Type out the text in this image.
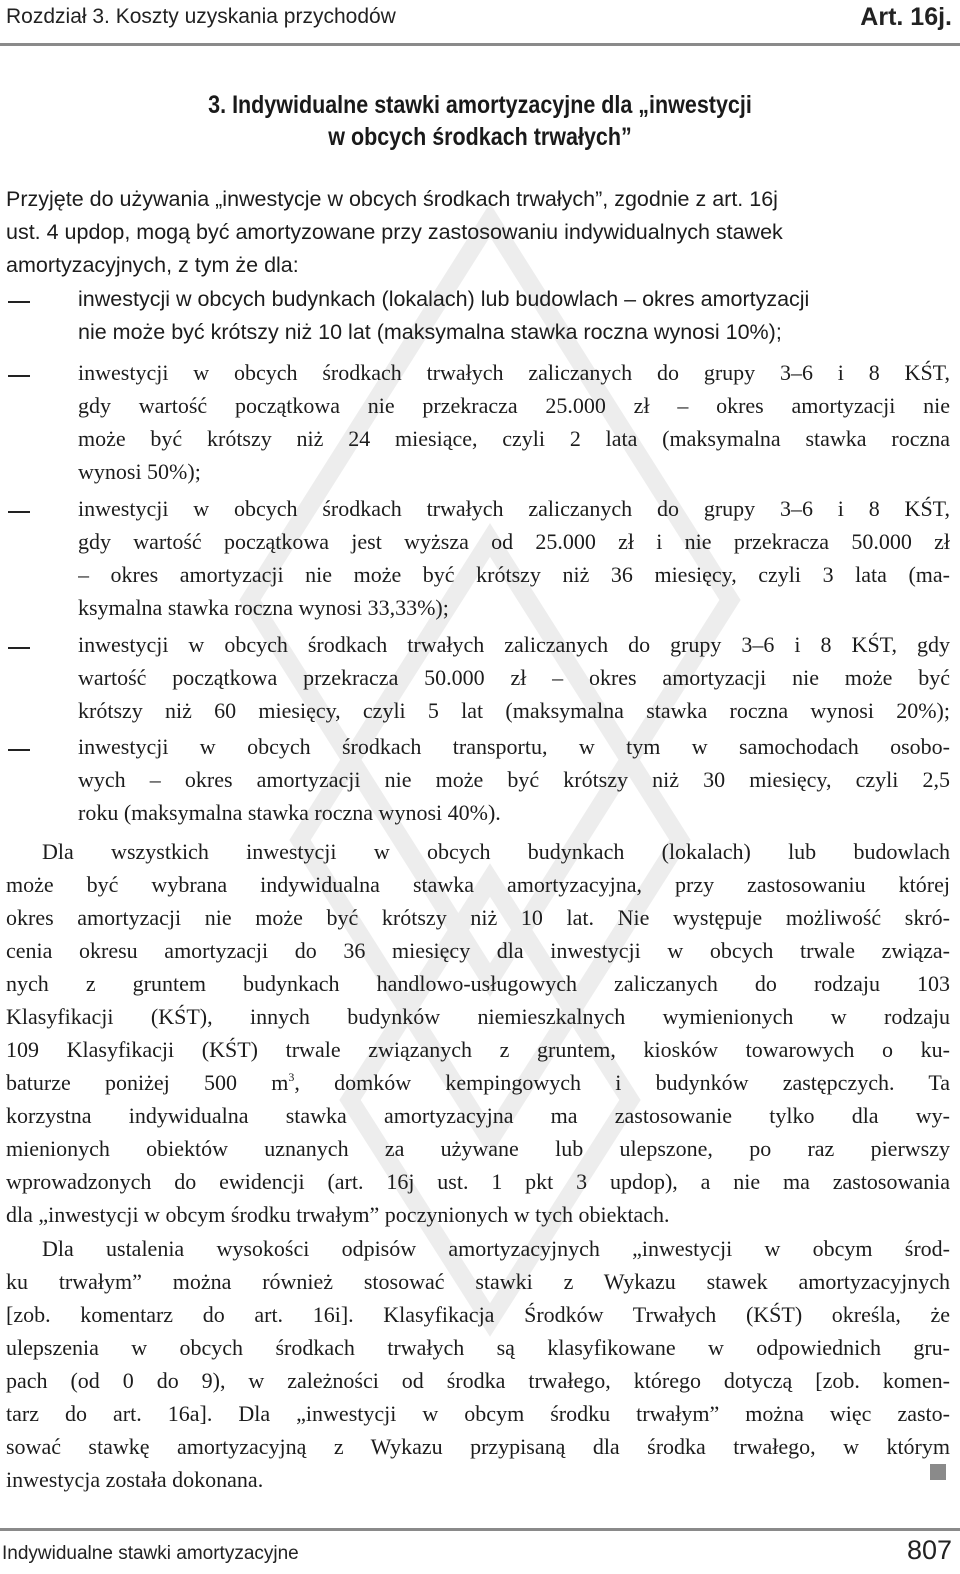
Rozdział 3. Koszty uzyskania przychodów	Art. 16j.
3. Indywidualne stawki amortyzacyjne dla „inwestycji
w obcych środkach trwałych”
Przyjęte do używania „inwestycje w obcych środkach trwałych”, zgodnie z art. 16j
ust. 4 updop, mogą być amortyzowane przy zastosowaniu indywidualnych stawek
amortyzacyjnych, z tym że dla:
inwestycji w obcych budynkach (lokalach) lub budowlach – okres amortyzacji
nie może być krótszy niż 10 lat (maksymalna stawka roczna wynosi 10%);
inwestycji w obcych środkach trwałych zaliczanych do grupy 3–6 i 8 KŚT,
gdy wartość początkowa nie przekracza 25.000 zł – okres amortyzacji nie
może być krótszy niż 24 miesiące, czyli 2 lata (maksymalna stawka roczna
wynosi 50%);
inwestycji w obcych środkach trwałych zaliczanych do grupy 3–6 i 8 KŚT,
gdy wartość początkowa jest wyższa od 25.000 zł i nie przekracza 50.000 zł
– okres amortyzacji nie może być krótszy niż 36 miesięcy, czyli 3 lata (ma-
ksymalna stawka roczna wynosi 33,33%);
inwestycji w obcych środkach trwałych zaliczanych do grupy 3–6 i 8 KŚT, gdy
wartość początkowa przekracza 50.000 zł – okres amortyzacji nie może być
krótszy niż 60 miesięcy, czyli 5 lat (maksymalna stawka roczna wynosi 20%);
inwestycji w obcych środkach transportu, w tym w samochodach osobo-
wych – okres amortyzacji nie może być krótszy niż 30 miesięcy, czyli 2,5
roku (maksymalna stawka roczna wynosi 40%).
Dla wszystkich inwestycji w obcych budynkach (lokalach) lub budowlach
może być wybrana indywidualna stawka amortyzacyjna, przy zastosowaniu której
okres amortyzacji nie może być krótszy niż 10 lat. Nie występuje możliwość skró-
cenia okresu amortyzacji do 36 miesięcy dla inwestycji w obcych trwale związa-
nych z gruntem budynkach handlowo-usługowych zaliczanych do rodzaju 103
Klasyfikacji (KŚT), innych budynków niemieszkalnych wymienionych w rodzaju
109 Klasyfikacji (KŚT) trwale związanych z gruntem, kiosków towarowych o ku-
baturze poniżej 500 $m^3$, domków kempingowych i budynków zastępczych. Ta
korzystna indywidualna stawka amortyzacyjna ma zastosowanie tylko dla wy-
mienionych obiektów uznanych za używane lub ulepszone, po raz pierwszy
wprowadzonych do ewidencji (art. 16j ust. 1 pkt 3 updop), a nie ma zastosowania
dla „inwestycji w obcym środku trwałym” poczynionych w tych obiektach.
Dla ustalenia wysokości odpisów amortyzacyjnych „inwestycji w obcym środ-
ku trwałym” można również stosować stawki z Wykazu stawek amortyzacyjnych
[zob. komentarz do art. 16i]. Klasyfikacja Środków Trwałych (KŚT) określa, że
ulepszenia w obcych środkach trwałych są klasyfikowane w odpowiednich gru-
pach (od 0 do 9), w zależności od środka trwałego, którego dotyczą [zob. komen-
tarz do art. 16a]. Dla „inwestycji w obcym środku trwałym” można więc zasto-
sować stawkę amortyzacyjną z Wykazu przypisaną dla środka trwałego, w którym
inwestycja została dokonana.
Indywidualne stawki amortyzacyjne	807
